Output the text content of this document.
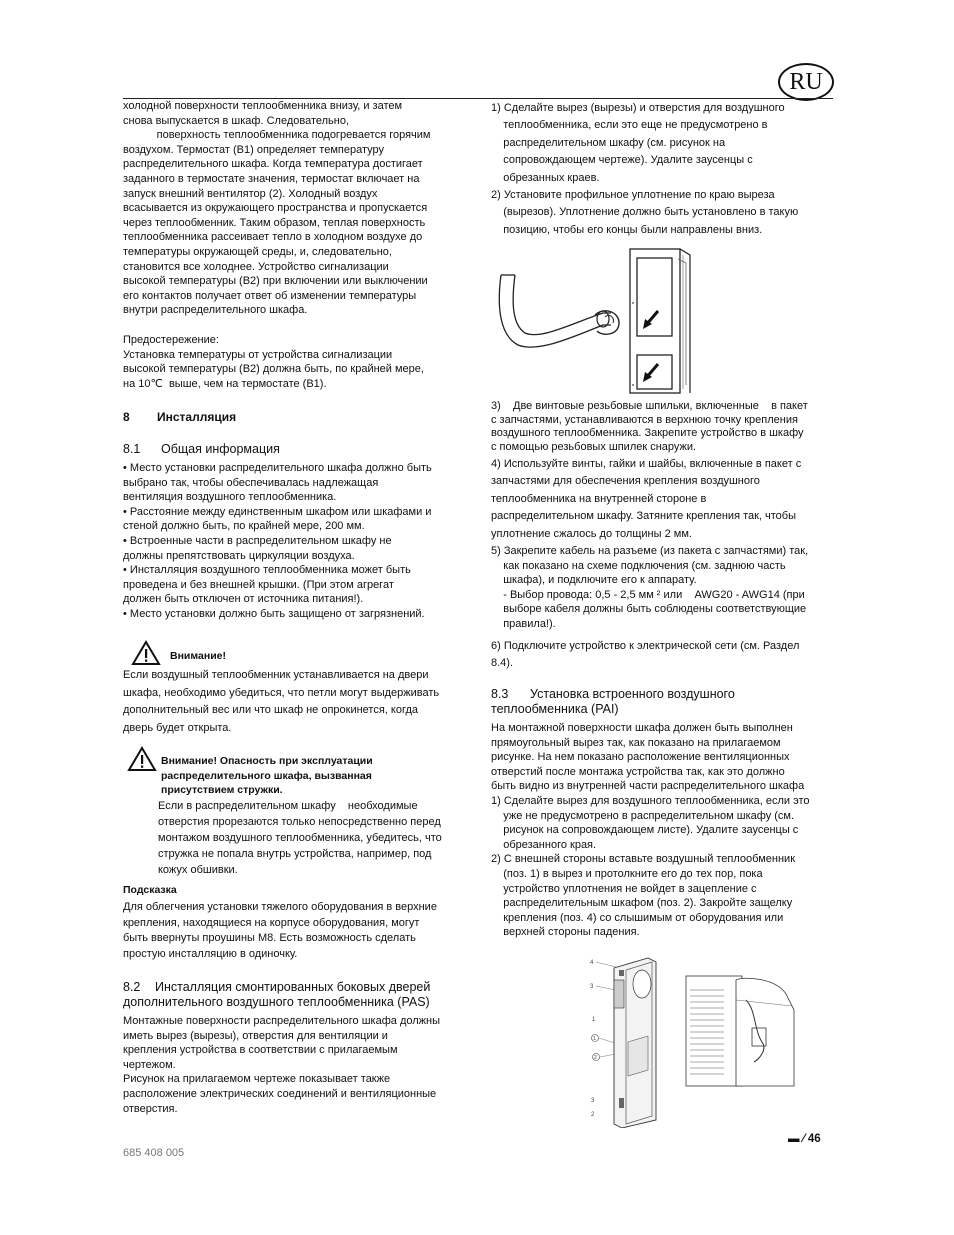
RU

холодной поверхности теплообменника внизу, и затем

снова выпускается в шкаф. Следовательно,

поверхность теплообменника подогревается горячим

воздухом. Термостат (B1) определяет температуру

распределительного шкафа. Когда температура достигает

заданного в термостате значения, термостат включает на

запуск внешний вентилятор (2). Холодный воздух

всасывается из окружающего пространства и пропускается

через теплообменник. Таким образом, теплая поверхность

теплообменника рассеивает тепло в холодном воздухе до

температуры окружающей среды, и, следовательно,

становится все холоднее. Устройство сигнализации

высокой температуры (B2) при включении или выключении

его контактов получает ответ об изменении температуры

внутри распределительного шкафа.

Предостережение:

Установка температуры от устройства сигнализации

высокой температуры (B2) должна быть, по крайней мере,

на 10℃  выше, чем на термостате (B1).

8 Инсталляция
8.1 Общая информация

• Место установки распределительного шкафа должно быть

выбрано так, чтобы обеспечивалась надлежащая

вентиляция воздушного теплообменника.

• Расстояние между единственным шкафом или шкафами и

стеной должно быть, по крайней мере, 200 мм.

• Встроенные части в распределительном шкафу не

должны препятствовать циркуляции воздуха.

• Инсталляция воздушного теплообменника может быть

проведена и без внешней крышки. (При этом агрегат

должен быть отключен от источника питания!).

• Место установки должно быть защищено от загрязнений.

Внимание!

Если воздушный теплообменник устанавливается на двери

шкафа, необходимо убедиться, что петли могут выдерживать

дополнительный вес или что шкаф не опрокинется, когда

дверь будет открыта.

Внимание! Опасность при эксплуатации

распределительного шкафа, вызванная

присутствием стружки.

Если в распределительном шкафу    необходимые

отверстия прорезаются только непосредственно перед

монтажом воздушного теплообменника, убедитесь, что

стружка не попала внутрь устройства, например, под

кожух обшивки.

Подсказка

Для облегчения установки тяжелого оборудования в верхние

крепления, находящиеся на корпусе оборудования, могут

быть ввернуты проушины M8. Есть возможность сделать

простую инсталляцию в одиночку.

8.2 Инсталляция смонтированных боковых дверей
дополнительного воздушного теплообменника (PAS)

Монтажные поверхности распределительного шкафа должны

иметь вырез (вырезы), отверстия для вентиляции и

крепления устройства в соответствии с прилагаемым

чертежом.

Рисунок на прилагаемом чертеже показывает также

расположение электрических соединений и вентиляционные

отверстия.

685 408 005

1) Сделайте вырез (вырезы) и отверстия для воздушного

теплообменника, если это еще не предусмотрено в

распределительном шкафу (см. рисунок на

сопровождающем чертеже). Удалите заусенцы с

обрезанных краев.

2) Установите профильное уплотнение по краю выреза

(вырезов). Уплотнение должно быть установлено в такую

позицию, чтобы его концы были направлены вниз.

3)    Две винтовые резьбовые шпильки, включенные    в пакет

с запчастями, устанавливаются в верхнюю точку крепления

воздушного теплообменника. Закрепите устройство в шкафу

с помощью резьбовых шпилек снаружи.

4) Используйте винты, гайки и шайбы, включенные в пакет с

запчастями для обеспечения крепления воздушного

теплообменника на внутренней стороне в

распределительном шкафу. Затяните крепления так, чтобы

уплотнение сжалось до толщины 2 мм.

5) Закрепите кабель на разъеме (из пакета с запчастями) так,

как показано на схеме подключения (см. заднюю часть

шкафа), и подключите его к аппарату.

- Выбор провода: 0,5 - 2,5 мм ² или    AWG20 - AWG14 (при

выборе кабеля должны быть соблюдены соответствующие

правила!).

6) Подключите устройство к электрической сети (см. Раздел

8.4).

8.3 Установка встроенного воздушного
теплообменника (PAI)

На монтажной поверхности шкафа должен быть выполнен

прямоугольный вырез так, как показано на прилагаемом

рисунке. На нем показано расположение вентиляционных

отверстий после монтажа устройства так, как это должно

быть видно из внутренней части распределительного шкафа

1) Сделайте вырез для воздушного теплообменника, если это

уже не предусмотрено в распределительном шкафу (см.

рисунок на сопровождающем листе). Удалите заусенцы с

обрезанного края.

2) С внешней стороны вставьте воздушный теплообменник

(поз. 1) в вырез и протолкните его до тех пор, пока

устройство уплотнения не войдет в зацепление с

распределительным шкафом (поз. 2). Закройте защелку

крепления (поз. 4) со слышимым от оборудования или

верхней стороны падения.

4
3
1
1
2
3
2
▬ ⁄ 46
